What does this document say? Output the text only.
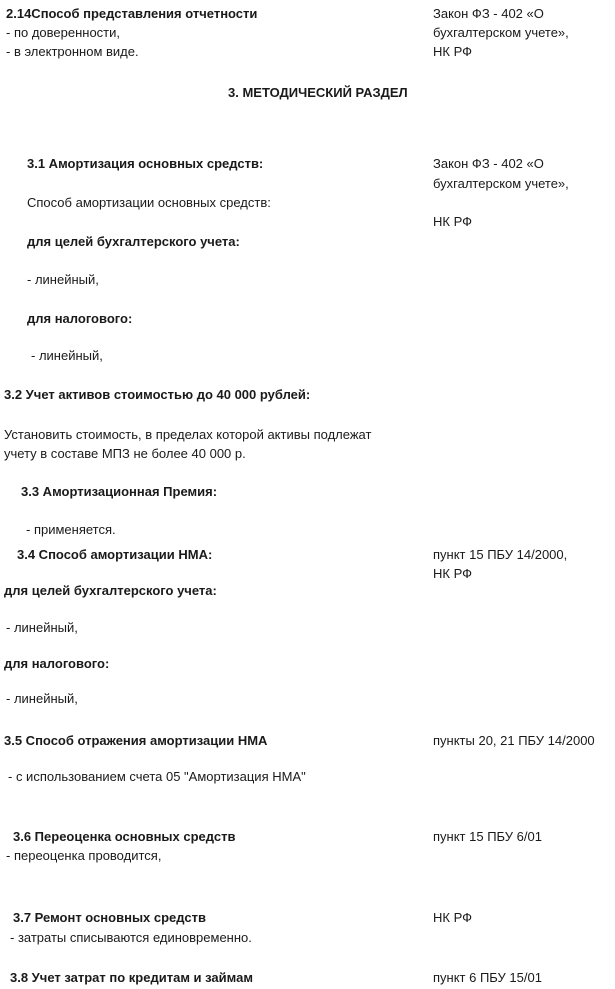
2.14Способ представления отчетности
- по доверенности,
- в электронном виде.
Закон ФЗ - 402 «О
бухгалтерском учете»,
НК РФ
3. МЕТОДИЧЕСКИЙ РАЗДЕЛ
3.1 Амортизация основных средств:
Способ амортизации основных средств:
для целей бухгалтерского учета:
- линейный,
для налогового:
- линейный,
Закон ФЗ - 402 «О
бухгалтерском учете»,
НК РФ
3.2 Учет активов стоимостью до 40 000 рублей:
Установить стоимость, в пределах которой активы подлежат
учету в составе МПЗ не более 40 000 р.
3.3 Амортизационная Премия:
- применяется.
3.4 Способ амортизации НМА:
для целей бухгалтерского учета:
- линейный,
для налогового:
- линейный,
пункт 15 ПБУ 14/2000,
НК РФ
3.5 Способ отражения амортизации НМА
- с использованием счета 05 "Амортизация НМА"
пункты 20, 21 ПБУ 14/2000
3.6 Переоценка основных средств
- переоценка проводится,
пункт 15 ПБУ 6/01
3.7 Ремонт основных средств
- затраты списываются единовременно.
НК РФ
3.8 Учет затрат по кредитам и займам	пункт 6 ПБУ 15/01
